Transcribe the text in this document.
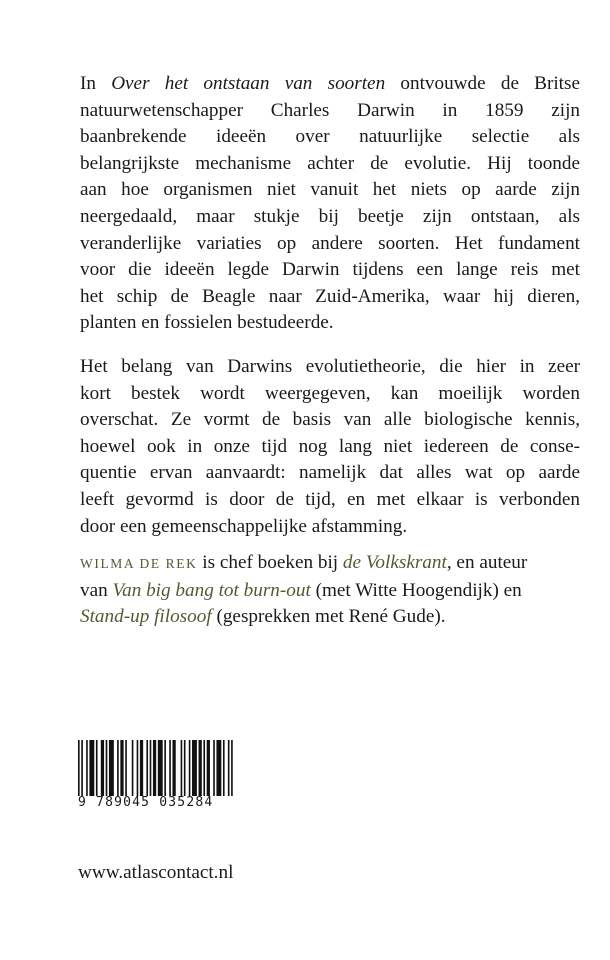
In Over het ontstaan van soorten ontvouwde de Britse
natuurwetenschapper Charles Darwin in 1859 zijn
baanbrekende ideeën over natuurlijke selectie als
belangrijkste mechanisme achter de evolutie. Hij toonde
aan hoe organismen niet vanuit het niets op aarde zijn
neergedaald, maar stukje bij beetje zijn ontstaan, als
veranderlijke variaties op andere soorten. Het fundament
voor die ideeën legde Darwin tijdens een lange reis met
het schip de Beagle naar Zuid-Amerika, waar hij dieren,
planten en fossielen bestudeerde.
Het belang van Darwins evolutietheorie, die hier in zeer
kort bestek wordt weergegeven, kan moeilijk worden
overschat. Ze vormt de basis van alle biologische kennis,
hoewel ook in onze tijd nog lang niet iedereen de conse-
quentie ervan aanvaardt: namelijk dat alles wat op aarde
leeft gevormd is door de tijd, en met elkaar is verbonden
door een gemeenschappelijke afstamming.
WILMA DE REK is chef boeken bij de Volkskrant, en auteur
van Van big bang tot burn-out (met Witte Hoogendijk) en
Stand-up filosoof (gesprekken met René Gude).
9 789045 035284
www.atlascontact.nl
